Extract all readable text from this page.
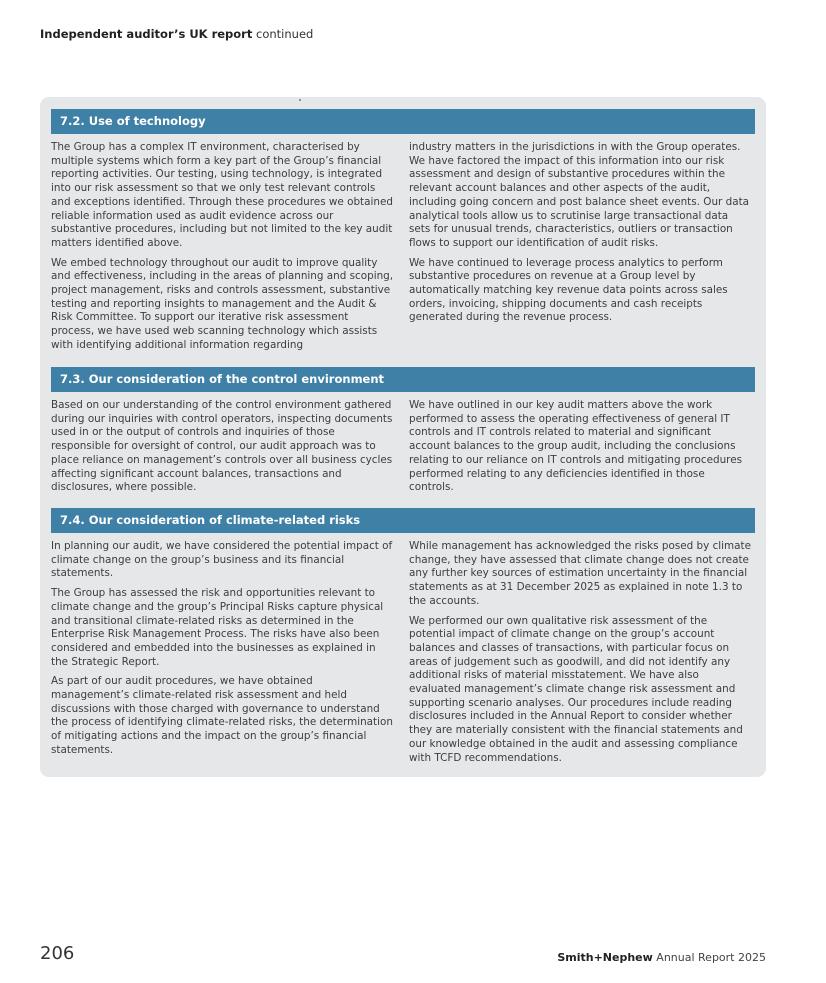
Independent auditor’s UK report continued
7.2. Use of technology

The Group has a complex IT environment, characterised by multiple systems which form a key part of the Group’s financial reporting activities. Our testing, using technology, is integrated into our risk assessment so that we only test relevant controls and exceptions identified. Through these procedures we obtained reliable information used as audit evidence across our substantive procedures, including but not limited to the key audit matters identified above.

We embed technology throughout our audit to improve quality and effectiveness, including in the areas of planning and scoping, project management, risks and controls assessment, substantive testing and reporting insights to management and the Audit & Risk Committee. To support our iterative risk assessment process, we have used web scanning technology which assists with identifying additional information regarding

industry matters in the jurisdictions in with the Group operates. We have factored the impact of this information into our risk assessment and design of substantive procedures within the relevant account balances and other aspects of the audit, including going concern and post balance sheet events. Our data analytical tools allow us to scrutinise large transactional data sets for unusual trends, characteristics, outliers or transaction flows to support our identification of audit risks.

We have continued to leverage process analytics to perform substantive procedures on revenue at a Group level by automatically matching key revenue data points across sales orders, invoicing, shipping documents and cash receipts generated during the revenue process.

7.3. Our consideration of the control environment

Based on our understanding of the control environment gathered during our inquiries with control operators, inspecting documents used in or the output of controls and inquiries of those responsible for oversight of control, our audit approach was to place reliance on management’s controls over all business cycles affecting significant account balances, transactions and disclosures, where possible.

We have outlined in our key audit matters above the work performed to assess the operating effectiveness of general IT controls and IT controls related to material and significant account balances to the group audit, including the conclusions relating to our reliance on IT controls and mitigating procedures performed relating to any deficiencies identified in those controls.

7.4. Our consideration of climate-related risks

In planning our audit, we have considered the potential impact of climate change on the group’s business and its financial statements.

The Group has assessed the risk and opportunities relevant to climate change and the group’s Principal Risks capture physical and transitional climate-related risks as determined in the Enterprise Risk Management Process. The risks have also been considered and embedded into the businesses as explained in the Strategic Report.

As part of our audit procedures, we have obtained management’s climate-related risk assessment and held discussions with those charged with governance to understand the process of identifying climate-related risks, the determination of mitigating actions and the impact on the group’s financial statements.

While management has acknowledged the risks posed by climate change, they have assessed that climate change does not create any further key sources of estimation uncertainty in the financial statements as at 31 December 2025 as explained in note 1.3 to the accounts.

We performed our own qualitative risk assessment of the potential impact of climate change on the group’s account balances and classes of transactions, with particular focus on areas of judgement such as goodwill, and did not identify any additional risks of material misstatement. We have also evaluated management’s climate change risk assessment and supporting scenario analyses. Our procedures include reading disclosures included in the Annual Report to consider whether they are materially consistent with the financial statements and our knowledge obtained in the audit and assessing compliance with TCFD recommendations.

206	Smith+Nephew Annual Report 2025
